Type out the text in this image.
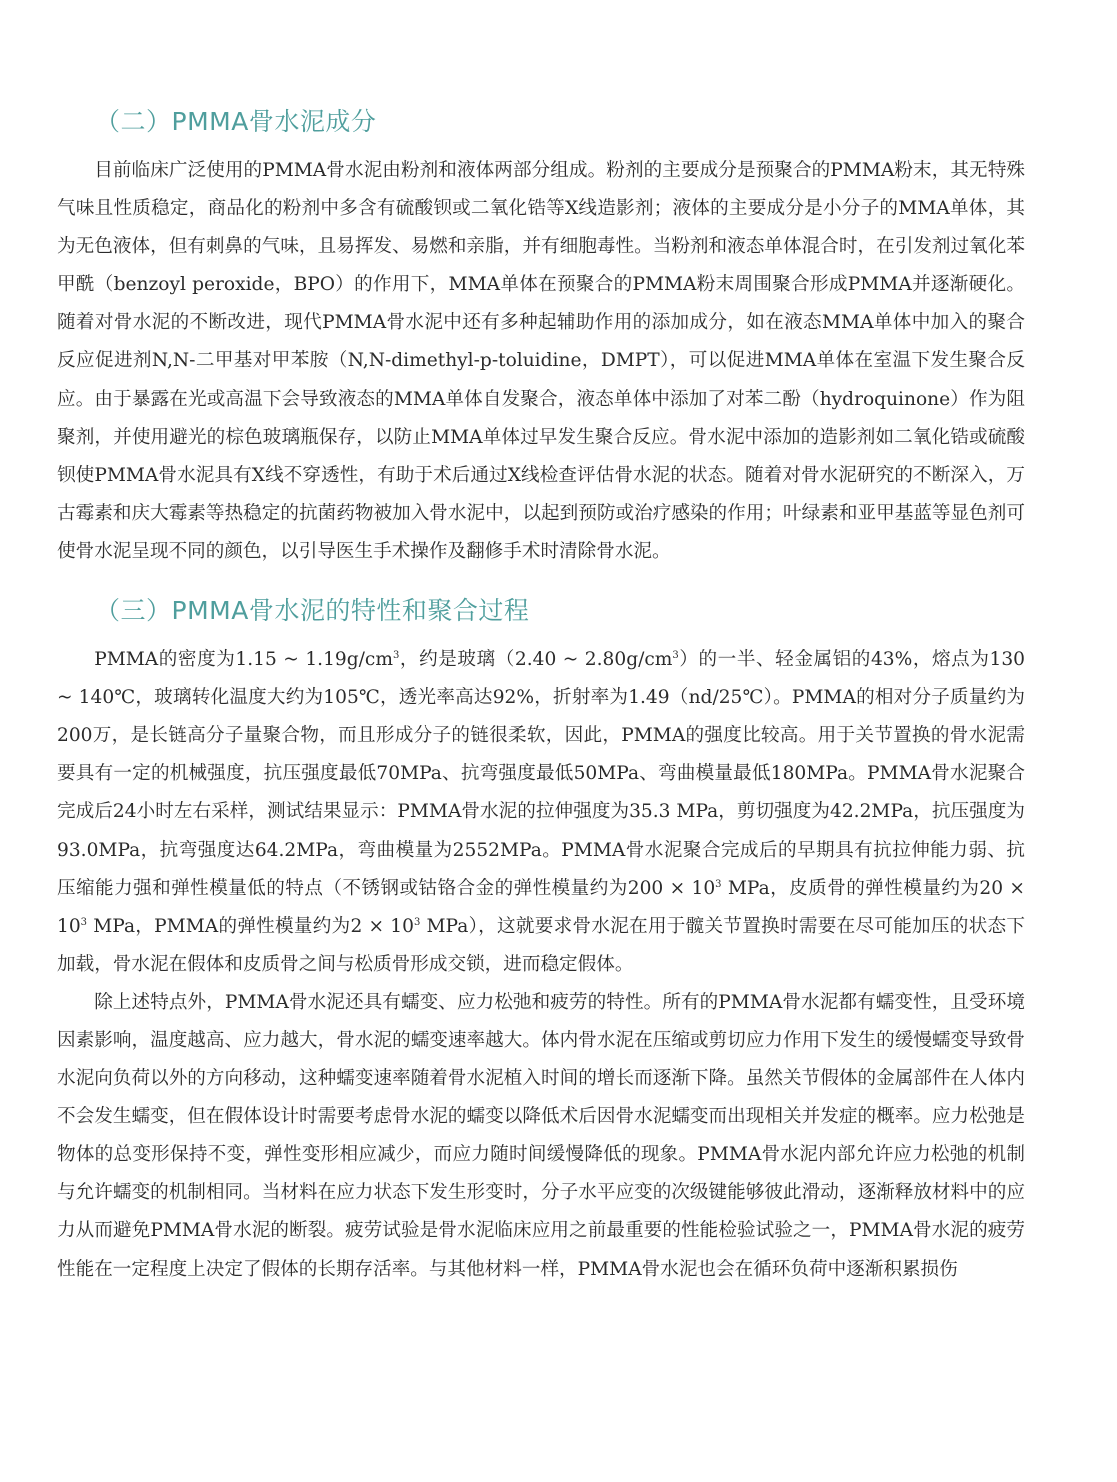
（二）PMMA骨水泥成分

目前临床广泛使用的PMMA骨水泥由粉剂和液体两部分组成。粉剂的主要成分是预聚合的PMMA粉末，其无特殊气味且性质稳定，商品化的粉剂中多含有硫酸钡或二氧化锆等X线造影剂；液体的主要成分是小分子的MMA单体，其为无色液体，但有刺鼻的气味，且易挥发、易燃和亲脂，并有细胞毒性。当粉剂和液态单体混合时，在引发剂过氧化苯甲酰（benzoyl peroxide，BPO）的作用下，MMA单体在预聚合的PMMA粉末周围聚合形成PMMA并逐渐硬化。随着对骨水泥的不断改进，现代PMMA骨水泥中还有多种起辅助作用的添加成分，如在液态MMA单体中加入的聚合反应促进剂N,N-二甲基对甲苯胺（N,N-dimethyl-p-toluidine，DMPT），可以促进MMA单体在室温下发生聚合反应。由于暴露在光或高温下会导致液态的MMA单体自发聚合，液态单体中添加了对苯二酚（hydroquinone）作为阻聚剂，并使用避光的棕色玻璃瓶保存，以防止MMA单体过早发生聚合反应。骨水泥中添加的造影剂如二氧化锆或硫酸钡使PMMA骨水泥具有X线不穿透性，有助于术后通过X线检查评估骨水泥的状态。随着对骨水泥研究的不断深入，万古霉素和庆大霉素等热稳定的抗菌药物被加入骨水泥中，以起到预防或治疗感染的作用；叶绿素和亚甲基蓝等显色剂可使骨水泥呈现不同的颜色，以引导医生手术操作及翻修手术时清除骨水泥。

（三）PMMA骨水泥的特性和聚合过程

PMMA的密度为1.15 ~ $1.19g/cm^3$，约是玻璃（2.40 ~ $2.80g/cm^3$）的一半、轻金属铝的43%，熔点为130 ~ 140℃，玻璃转化温度大约为105℃，透光率高达92%，折射率为1.49（nd/25℃）。PMMA的相对分子质量约为200万，是长链高分子量聚合物，而且形成分子的链很柔软，因此，PMMA的强度比较高。用于关节置换的骨水泥需要具有一定的机械强度，抗压强度最低70MPa、抗弯强度最低50MPa、弯曲模量最低180MPa。PMMA骨水泥聚合完成后24小时左右采样，测试结果显示：PMMA骨水泥的拉伸强度为35.3 MPa，剪切强度为42.2MPa，抗压强度为93.0MPa，抗弯强度达64.2MPa，弯曲模量为2552MPa。PMMA骨水泥聚合完成后的早期具有抗拉伸能力弱、抗压缩能力强和弹性模量低的特点（不锈钢或钴铬合金的弹性模量约为$200 \times 10^3$ MPa，皮质骨的弹性模量约为$20 \times 10^3$ MPa，PMMA的弹性模量约为$2 \times 10^3$ MPa），这就要求骨水泥在用于髋关节置换时需要在尽可能加压的状态下加载，骨水泥在假体和皮质骨之间与松质骨形成交锁，进而稳定假体。

除上述特点外，PMMA骨水泥还具有蠕变、应力松弛和疲劳的特性。所有的PMMA骨水泥都有蠕变性，且受环境因素影响，温度越高、应力越大，骨水泥的蠕变速率越大。体内骨水泥在压缩或剪切应力作用下发生的缓慢蠕变导致骨水泥向负荷以外的方向移动，这种蠕变速率随着骨水泥植入时间的增长而逐渐下降。虽然关节假体的金属部件在人体内不会发生蠕变，但在假体设计时需要考虑骨水泥的蠕变以降低术后因骨水泥蠕变而出现相关并发症的概率。应力松弛是物体的总变形保持不变，弹性变形相应减少，而应力随时间缓慢降低的现象。PMMA骨水泥内部允许应力松弛的机制与允许蠕变的机制相同。当材料在应力状态下发生形变时，分子水平应变的次级键能够彼此滑动，逐渐释放材料中的应力从而避免PMMA骨水泥的断裂。疲劳试验是骨水泥临床应用之前最重要的性能检验试验之一，PMMA骨水泥的疲劳性能在一定程度上决定了假体的长期存活率。与其他材料一样，PMMA骨水泥也会在循环负荷中逐渐积累损伤
